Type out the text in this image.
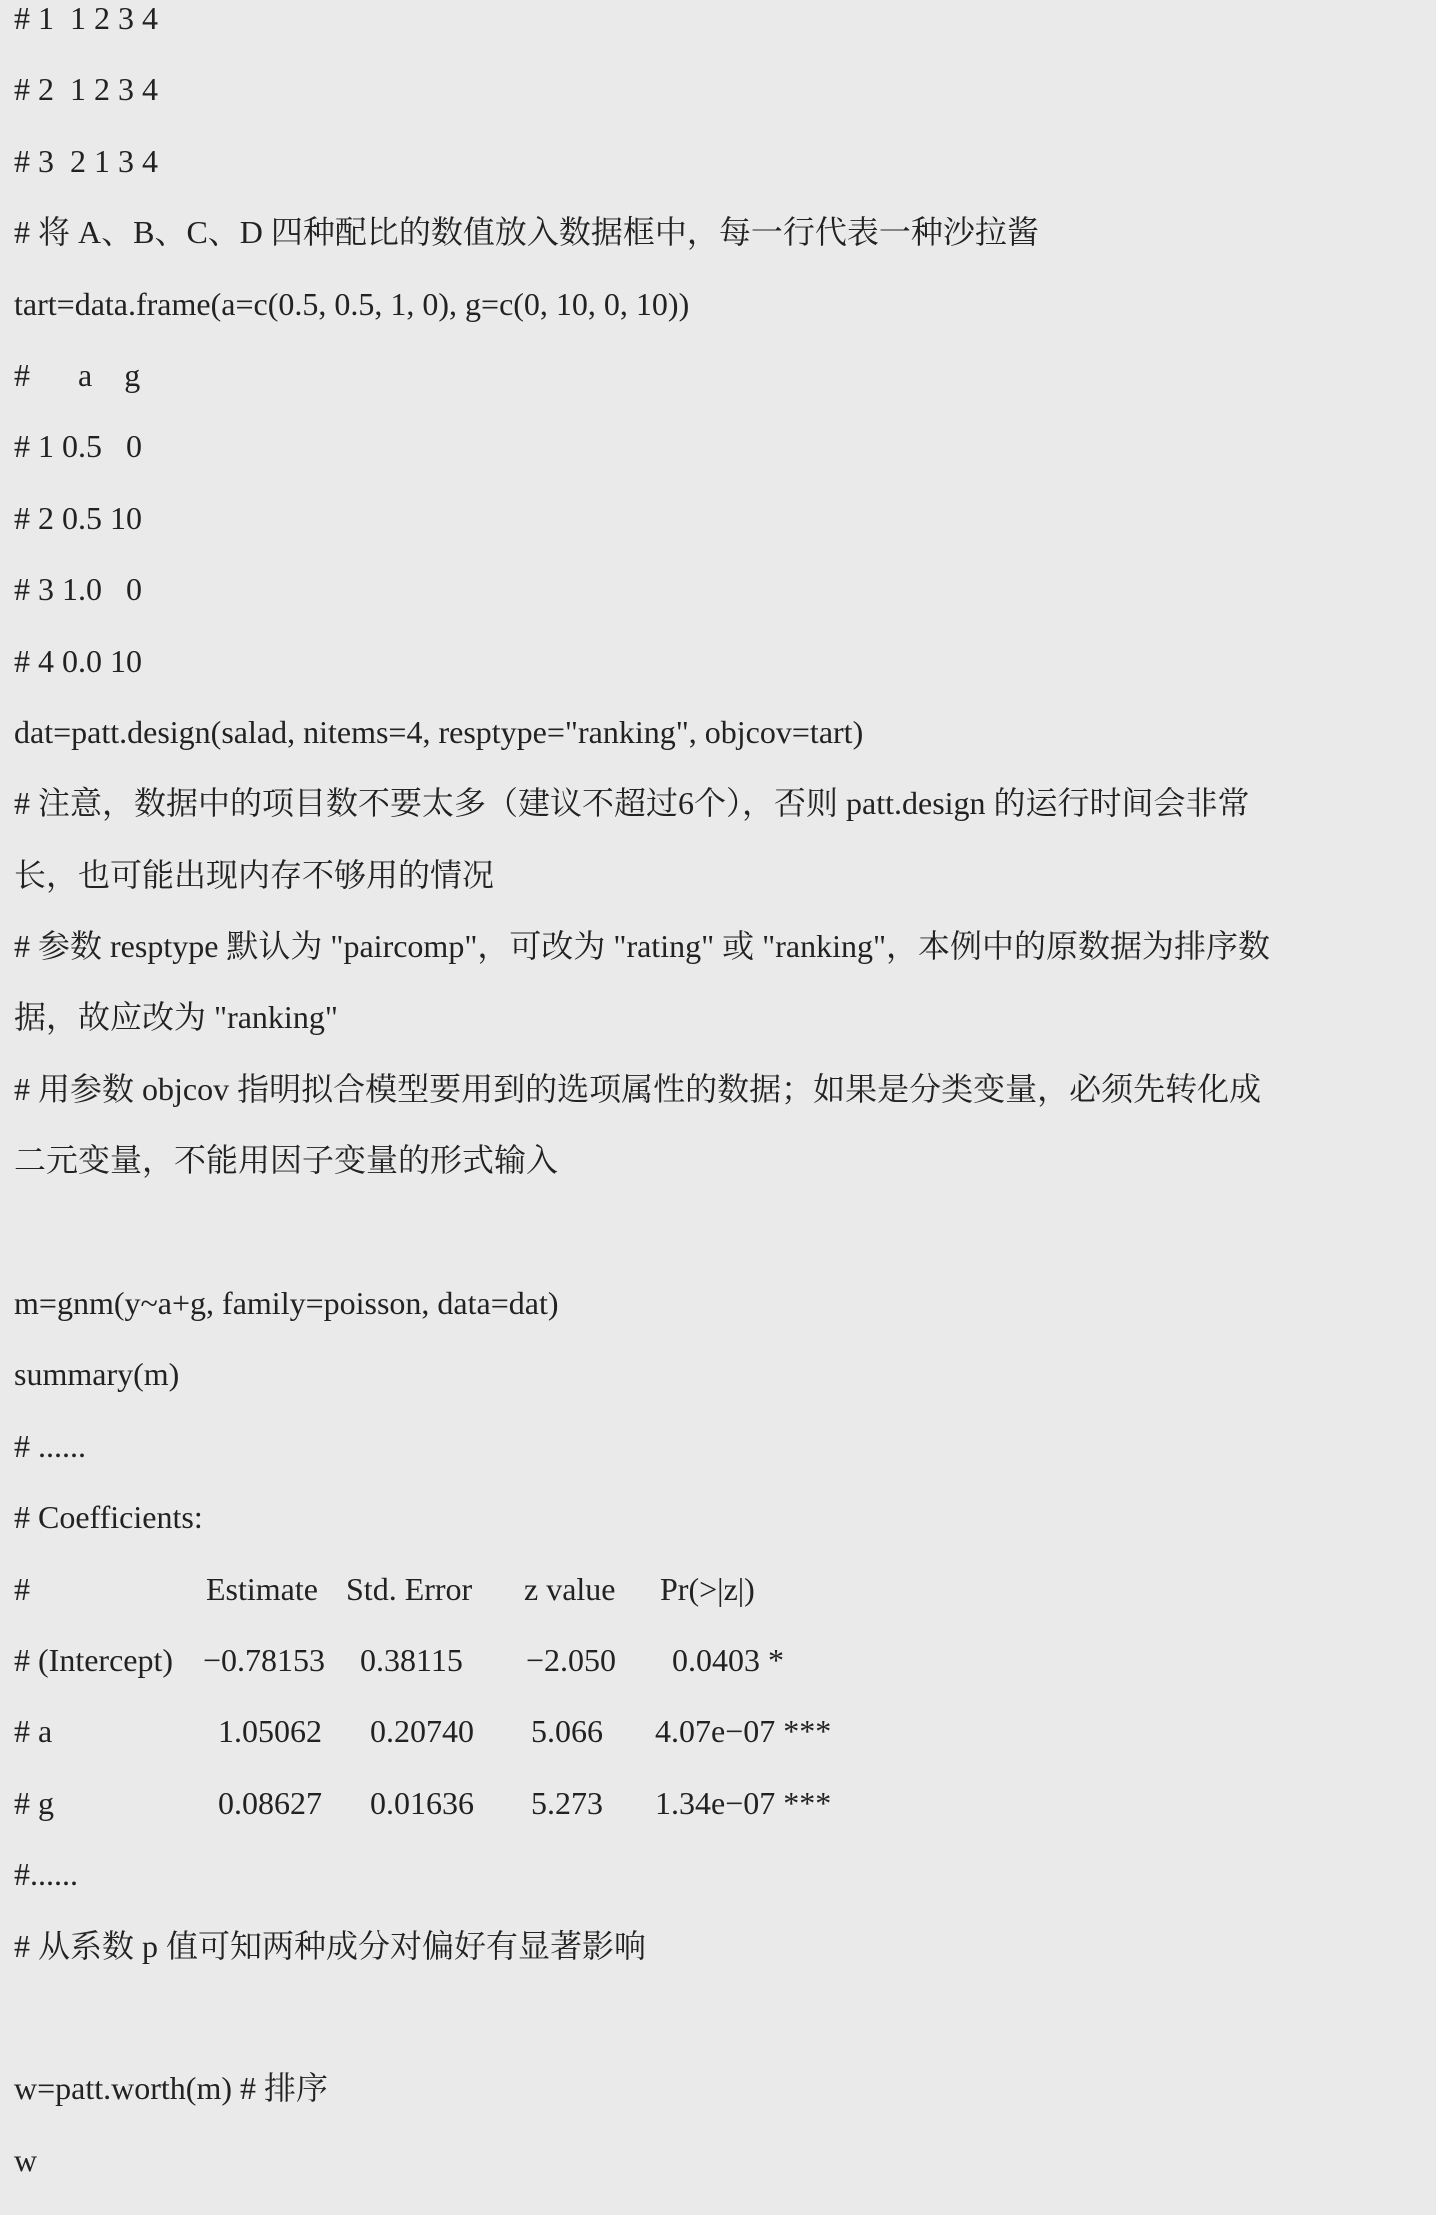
# 1  1 2 3 4
# 2  1 2 3 4
# 3  2 1 3 4
# 将 A、B、C、D 四种配比的数值放入数据框中，每一行代表一种沙拉酱
tart=data.frame(a=c(0.5, 0.5, 1, 0), g=c(0, 10, 0, 10))
#      a    g
# 1 0.5   0
# 2 0.5 10
# 3 1.0   0
# 4 0.0 10
dat=patt.design(salad, nitems=4, resptype="ranking", objcov=tart)
# 注意，数据中的项目数不要太多（建议不超过6个），否则 patt.design 的运行时间会非常
长，也可能出现内存不够用的情况
# 参数 resptype 默认为 "paircomp"，可改为 "rating" 或 "ranking"，本例中的原数据为排序数
据，故应改为 "ranking"
# 用参数 objcov 指明拟合模型要用到的选项属性的数据；如果是分类变量，必须先转化成
二元变量，不能用因子变量的形式输入
m=gnm(y~a+g, family=poisson, data=dat)
summary(m)
# ......
# Coefficients:
#	Estimate Std. Error z value Pr(>|z|)
# (Intercept) −0.78153 0.38115 −2.050 0.0403 *
# a	1.05062 0.20740 5.066 4.07e−07 ***
# g	0.08627 0.01636 5.273 1.34e−07 ***
#......
# 从系数 p 值可知两种成分对偏好有显著影响
w=patt.worth(m) # 排序
w
